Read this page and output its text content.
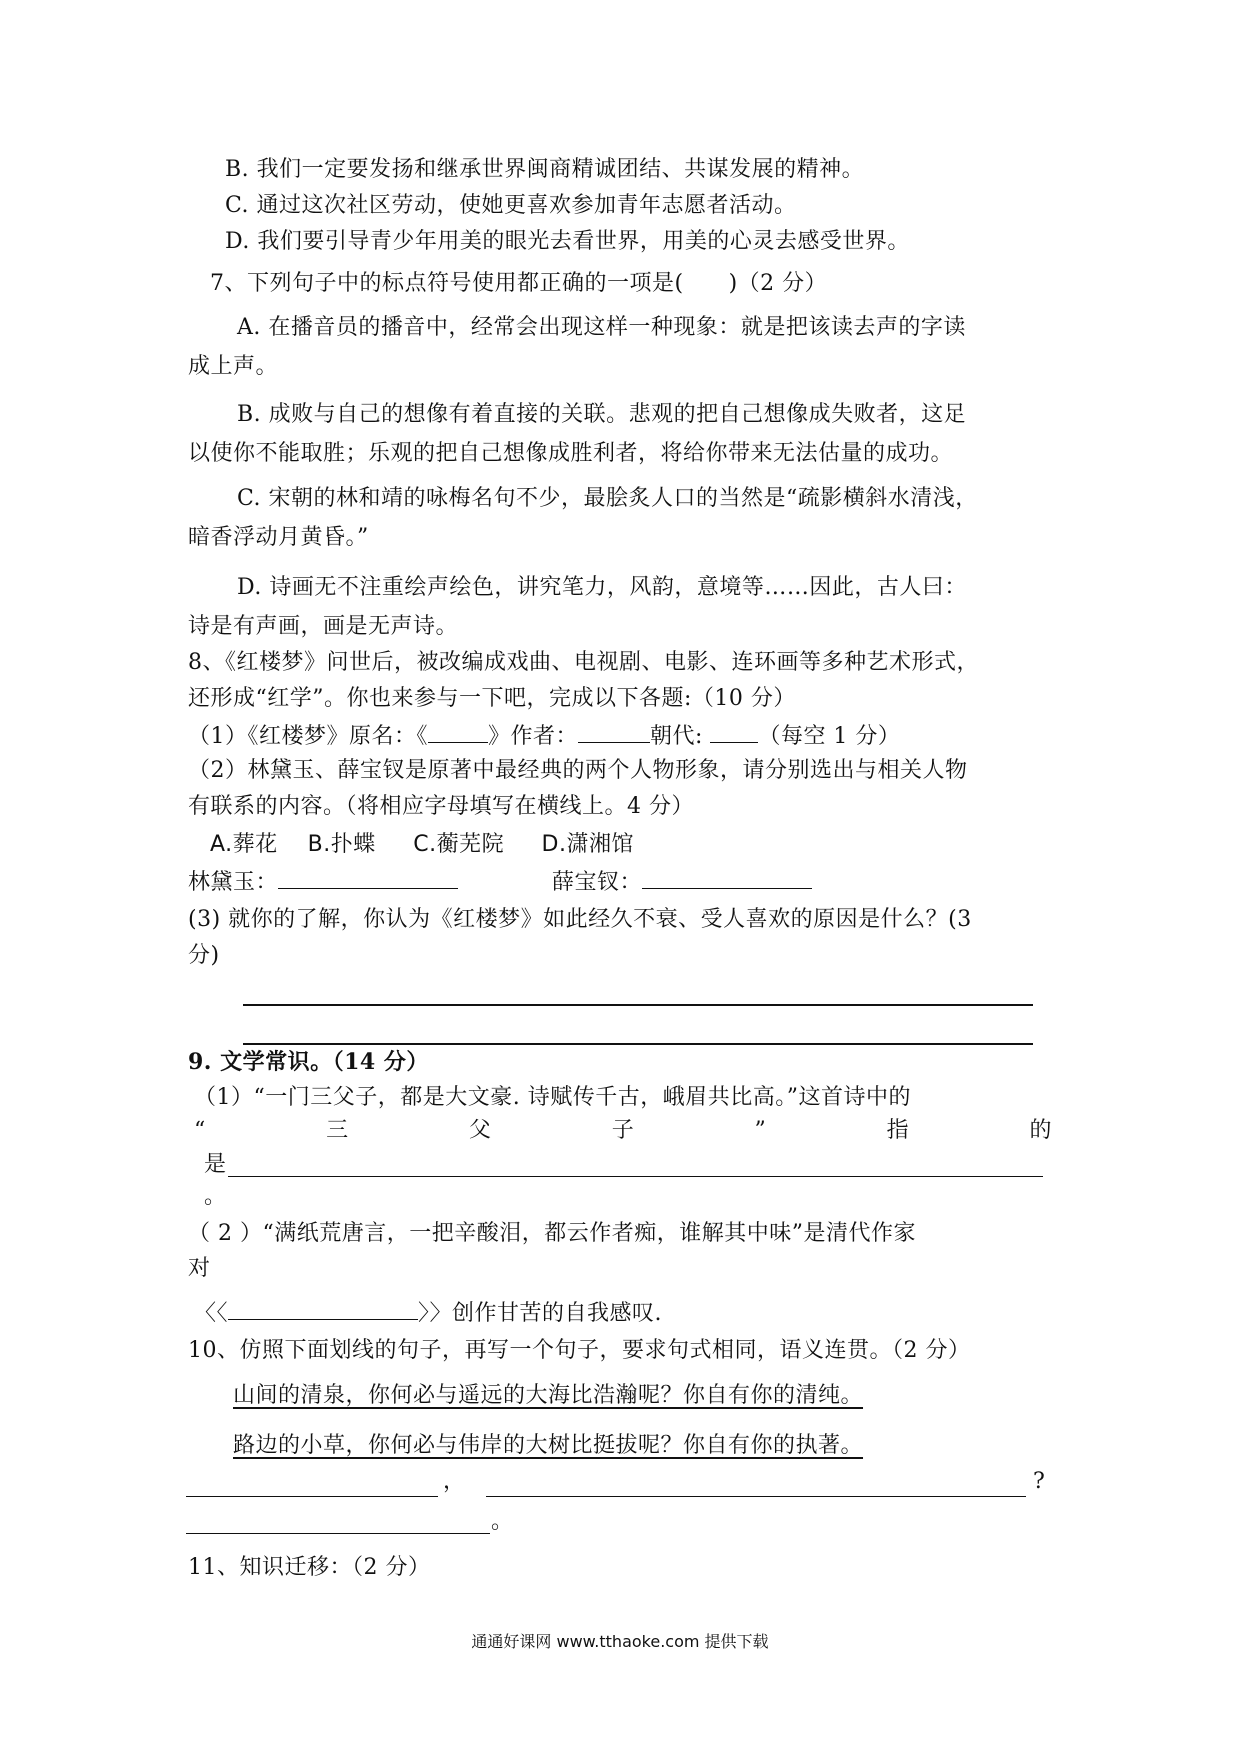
B. 我们一定要发扬和继承世界闽商精诚团结、共谋发展的精神。
C. 通过这次社区劳动，使她更喜欢参加青年志愿者活动。
D. 我们要引导青少年用美的眼光去看世界，用美的心灵去感受世界。
7、下列句子中的标点符号使用都正确的一项是(　　)（2 分）
A. 在播音员的播音中，经常会出现这样一种现象：就是把该读去声的字读
成上声。
B. 成败与自己的想像有着直接的关联。悲观的把自己想像成失败者，这足
以使你不能取胜；乐观的把自己想像成胜利者，将给你带来无法估量的成功。
C. 宋朝的林和靖的咏梅名句不少，最脍炙人口的当然是“疏影横斜水清浅，
暗香浮动月黄昏。”
D. 诗画无不注重绘声绘色，讲究笔力，风韵，意境等……因此，古人曰：
诗是有声画，画是无声诗。
8、《红楼梦》问世后，被改编成戏曲、电视剧、电影、连环画等多种艺术形式，
还形成“红学”。你也来参与一下吧，完成以下各题:（10 分）
（1）《红楼梦》原名：《	》作者：	朝代:	（每空 1 分）
（2）林黛玉、薛宝钗是原著中最经典的两个人物形象，请分别选出与相关人物
有联系的内容。（将相应字母填写在横线上。4 分）
A.葬花 B.扑蝶 C.蘅芜院 D.潇湘馆
林黛玉：	薛宝钗：
(3) 就你的了解，你认为《红楼梦》如此经久不衰、受人喜欢的原因是什么？(3
分)
9. 文学常识。（14 分）
（1）“一门三父子，都是大文豪. 诗赋传千古，峨眉共比高。”这首诗中的
“	三	父	子	”	指	的
是
。
（ 2 ）“满纸荒唐言，一把辛酸泪，都云作者痴，谁解其中味”是清代作家
对
〈〈	〉〉创作甘苦的自我感叹.
10、仿照下面划线的句子，再写一个句子，要求句式相同，语义连贯。（2 分）
山间的清泉，你何必与遥远的大海比浩瀚呢？你自有你的清纯。
路边的小草，你何必与伟岸的大树比挺拔呢？你自有你的执著。
，	?
。
11、知识迁移：（2 分）
通通好课网 www.tthaoke.com 提供下载
